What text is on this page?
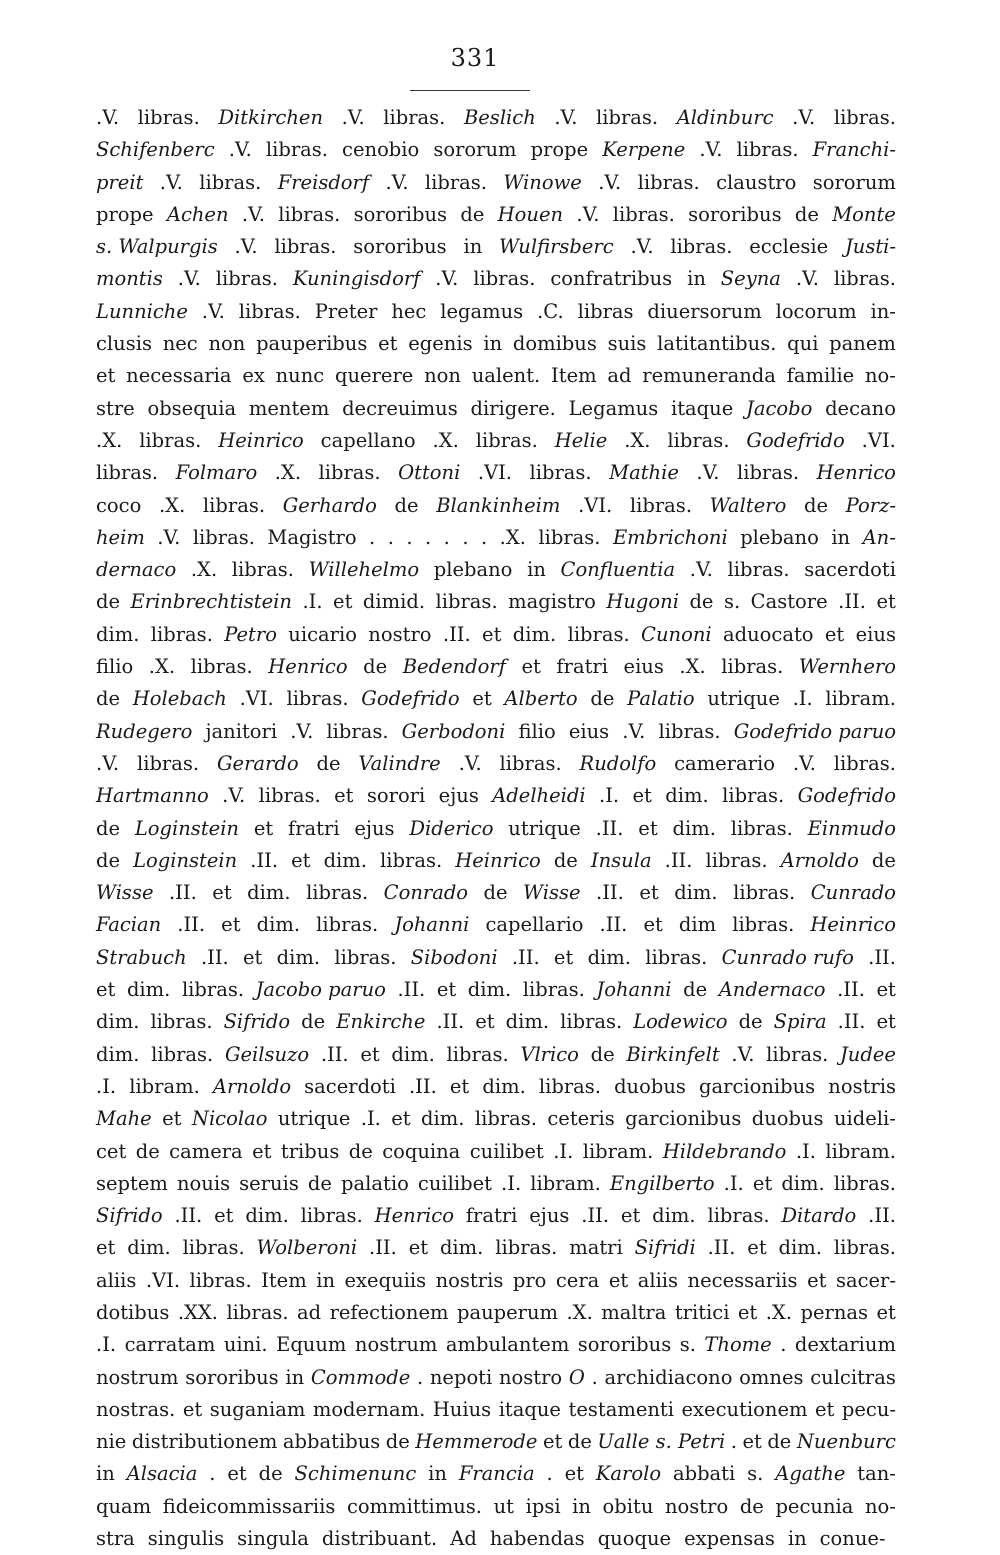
331
.V. libras. Ditkirchen .V. libras. Beslich .V. libras. Aldinburc .V. libras.
Schifenberc .V. libras. cenobio sororum prope Kerpene .V. libras. Franchi-
preit .V. libras. Freisdorf .V. libras. Winowe .V. libras. claustro sororum
prope Achen .V. libras. sororibus de Houen .V. libras. sororibus de Monte
s. Walpurgis .V. libras. sororibus in Wulfirsberc .V. libras. ecclesie Justi-
montis .V. libras. Kuningisdorf .V. libras. confratribus in Seyna .V. libras.
Lunniche .V. libras. Preter hec legamus .C. libras diuersorum locorum in-
clusis nec non pauperibus et egenis in domibus suis latitantibus. qui panem
et necessaria ex nunc querere non ualent. Item ad remuneranda familie no-
stre obsequia mentem decreuimus dirigere. Legamus itaque Jacobo decano
.X. libras. Heinrico capellano .X. libras. Helie .X. libras. Godefrido .VI.
libras. Folmaro .X. libras. Ottoni .VI. libras. Mathie .V. libras. Henrico
coco .X. libras. Gerhardo de Blankinheim .VI. libras. Waltero de Porz-
heim .V. libras. Magistro . . . . . . . .X. libras. Embrichoni plebano in An-
dernaco .X. libras. Willehelmo plebano in Confluentia .V. libras. sacerdoti
de Erinbrechtistein .I. et dimid. libras. magistro Hugoni de s. Castore .II. et
dim. libras. Petro uicario nostro .II. et dim. libras. Cunoni aduocato et eius
filio .X. libras. Henrico de Bedendorf et fratri eius .X. libras. Wernhero
de Holebach .VI. libras. Godefrido et Alberto de Palatio utrique .I. libram.
Rudegero janitori .V. libras. Gerbodoni filio eius .V. libras. Godefrido paruo
.V. libras. Gerardo de Valindre .V. libras. Rudolfo camerario .V. libras.
Hartmanno .V. libras. et sorori ejus Adelheidi .I. et dim. libras. Godefrido
de Loginstein et fratri ejus Diderico utrique .II. et dim. libras. Einmudo
de Loginstein .II. et dim. libras. Heinrico de Insula .II. libras. Arnoldo de
Wisse .II. et dim. libras. Conrado de Wisse .II. et dim. libras. Cunrado
Facian .II. et dim. libras. Johanni capellario .II. et dim libras. Heinrico
Strabuch .II. et dim. libras. Sibodoni .II. et dim. libras. Cunrado rufo .II.
et dim. libras. Jacobo paruo .II. et dim. libras. Johanni de Andernaco .II. et
dim. libras. Sifrido de Enkirche .II. et dim. libras. Lodewico de Spira .II. et
dim. libras. Geilsuzo .II. et dim. libras. Vlrico de Birkinfelt .V. libras. Judee
.I. libram. Arnoldo sacerdoti .II. et dim. libras. duobus garcionibus nostris
Mahe et Nicolao utrique .I. et dim. libras. ceteris garcionibus duobus uideli-
cet de camera et tribus de coquina cuilibet .I. libram. Hildebrando .I. libram.
septem nouis seruis de palatio cuilibet .I. libram. Engilberto .I. et dim. libras.
Sifrido .II. et dim. libras. Henrico fratri ejus .II. et dim. libras. Ditardo .II.
et dim. libras. Wolberoni .II. et dim. libras. matri Sifridi .II. et dim. libras.
aliis .VI. libras. Item in exequiis nostris pro cera et aliis necessariis et sacer-
dotibus .XX. libras. ad refectionem pauperum .X. maltra tritici et .X. pernas et
.I. carratam uini. Equum nostrum ambulantem sororibus s. Thome . dextarium
nostrum sororibus in Commode . nepoti nostro O . archidiacono omnes culcitras
nostras. et suganiam modernam. Huius itaque testamenti executionem et pecu-
nie distributionem abbatibus de Hemmerode et de Ualle s. Petri . et de Nuenburc
in Alsacia . et de Schimenunc in Francia . et Karolo abbati s. Agathe tan-
quam fideicommissariis committimus. ut ipsi in obitu nostro de pecunia no-
stra singulis singula distribuant. Ad habendas quoque expensas in conue-
